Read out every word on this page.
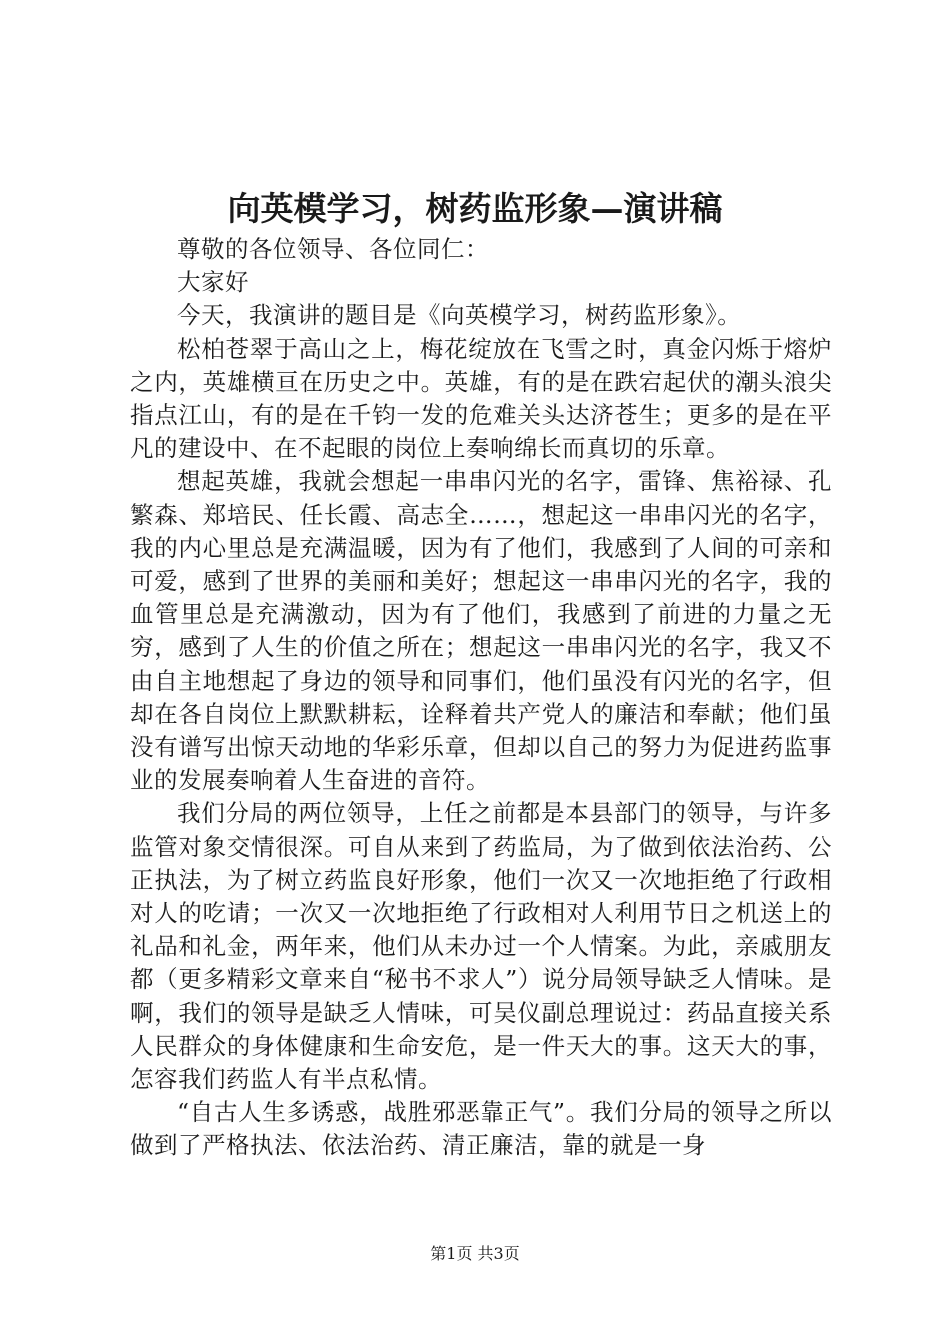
向英模学习，树药监形象—演讲稿

尊敬的各位领导、各位同仁：

大家好

今天，我演讲的题目是《向英模学习，树药监形象》。

松柏苍翠于高山之上，梅花绽放在飞雪之时，真金闪烁于熔炉之内，英雄横亘在历史之中。英雄，有的是在跌宕起伏的潮头浪尖指点江山，有的是在千钧一发的危难关头达济苍生；更多的是在平凡的建设中、在不起眼的岗位上奏响绵长而真切的乐章。

想起英雄，我就会想起一串串闪光的名字，雷锋、焦裕禄、孔繁森、郑培民、任长霞、高志全……，想起这一串串闪光的名字，我的内心里总是充满温暖，因为有了他们，我感到了人间的可亲和可爱，感到了世界的美丽和美好；想起这一串串闪光的名字，我的血管里总是充满激动，因为有了他们，我感到了前进的力量之无穷，感到了人生的价值之所在；想起这一串串闪光的名字，我又不由自主地想起了身边的领导和同事们，他们虽没有闪光的名字，但却在各自岗位上默默耕耘，诠释着共产党人的廉洁和奉献；他们虽没有谱写出惊天动地的华彩乐章，但却以自己的努力为促进药监事业的发展奏响着人生奋进的音符。

我们分局的两位领导，上任之前都是本县部门的领导，与许多监管对象交情很深。可自从来到了药监局，为了做到依法治药、公正执法，为了树立药监良好形象，他们一次又一次地拒绝了行政相对人的吃请；一次又一次地拒绝了行政相对人利用节日之机送上的礼品和礼金，两年来，他们从未办过一个人情案。为此，亲戚朋友都（更多精彩文章来自“秘书不求人”）说分局领导缺乏人情味。是啊，我们的领导是缺乏人情味，可吴仪副总理说过：药品直接关系人民群众的身体健康和生命安危，是一件天大的事。这天大的事，怎容我们药监人有半点私情。

“自古人生多诱惑，战胜邪恶靠正气”。我们分局的领导之所以做到了严格执法、依法治药、清正廉洁，靠的就是一身

第1页 共3页
